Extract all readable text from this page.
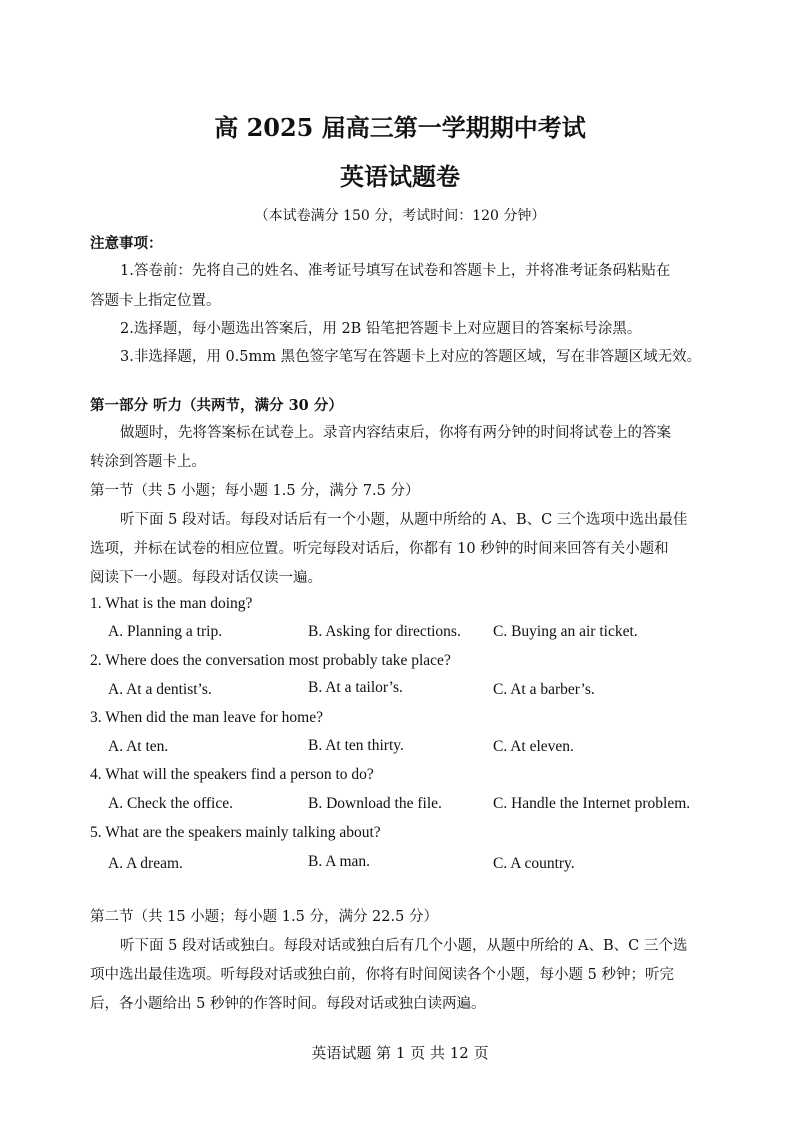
高 2025 届高三第一学期期中考试
英语试题卷
（本试卷满分 150 分，考试时间：120 分钟）
注意事项：
1.答卷前：先将自己的姓名、准考证号填写在试卷和答题卡上，并将准考证条码粘贴在
答题卡上指定位置。
2.选择题，每小题选出答案后，用 2B 铅笔把答题卡上对应题目的答案标号涂黑。
3.非选择题，用 0.5mm 黑色签字笔写在答题卡上对应的答题区域，写在非答题区域无效。
第一部分 听力（共两节，满分 30 分）
做题时，先将答案标在试卷上。录音内容结束后，你将有两分钟的时间将试卷上的答案
转涂到答题卡上。
第一节（共 5 小题；每小题 1.5 分，满分 7.5 分）
听下面 5 段对话。每段对话后有一个小题，从题中所给的 A、B、C 三个选项中选出最佳
选项，并标在试卷的相应位置。听完每段对话后，你都有 10 秒钟的时间来回答有关小题和
阅读下一小题。每段对话仅读一遍。
1. What is the man doing?
A. Planning a trip.	B. Asking for directions. C. Buying an air ticket.
2. Where does the conversation most probably take place?
A. At a dentist’s.	B. At a tailor’s.	C. At a barber’s.
3. When did the man leave for home?
A. At ten.	B. At ten thirty.	C. At eleven.
4. What will the speakers find a person to do?
A. Check the office.	B. Download the file.	C. Handle the Internet problem.
5. What are the speakers mainly talking about?
A. A dream.	B. A man.	C. A country.
第二节（共 15 小题；每小题 1.5 分，满分 22.5 分）
听下面 5 段对话或独白。每段对话或独白后有几个小题，从题中所给的 A、B、C 三个选
项中选出最佳选项。听每段对话或独白前，你将有时间阅读各个小题，每小题 5 秒钟；听完
后，各小题给出 5 秒钟的作答时间。每段对话或独白读两遍。
英语试题 第 1 页 共 12 页
